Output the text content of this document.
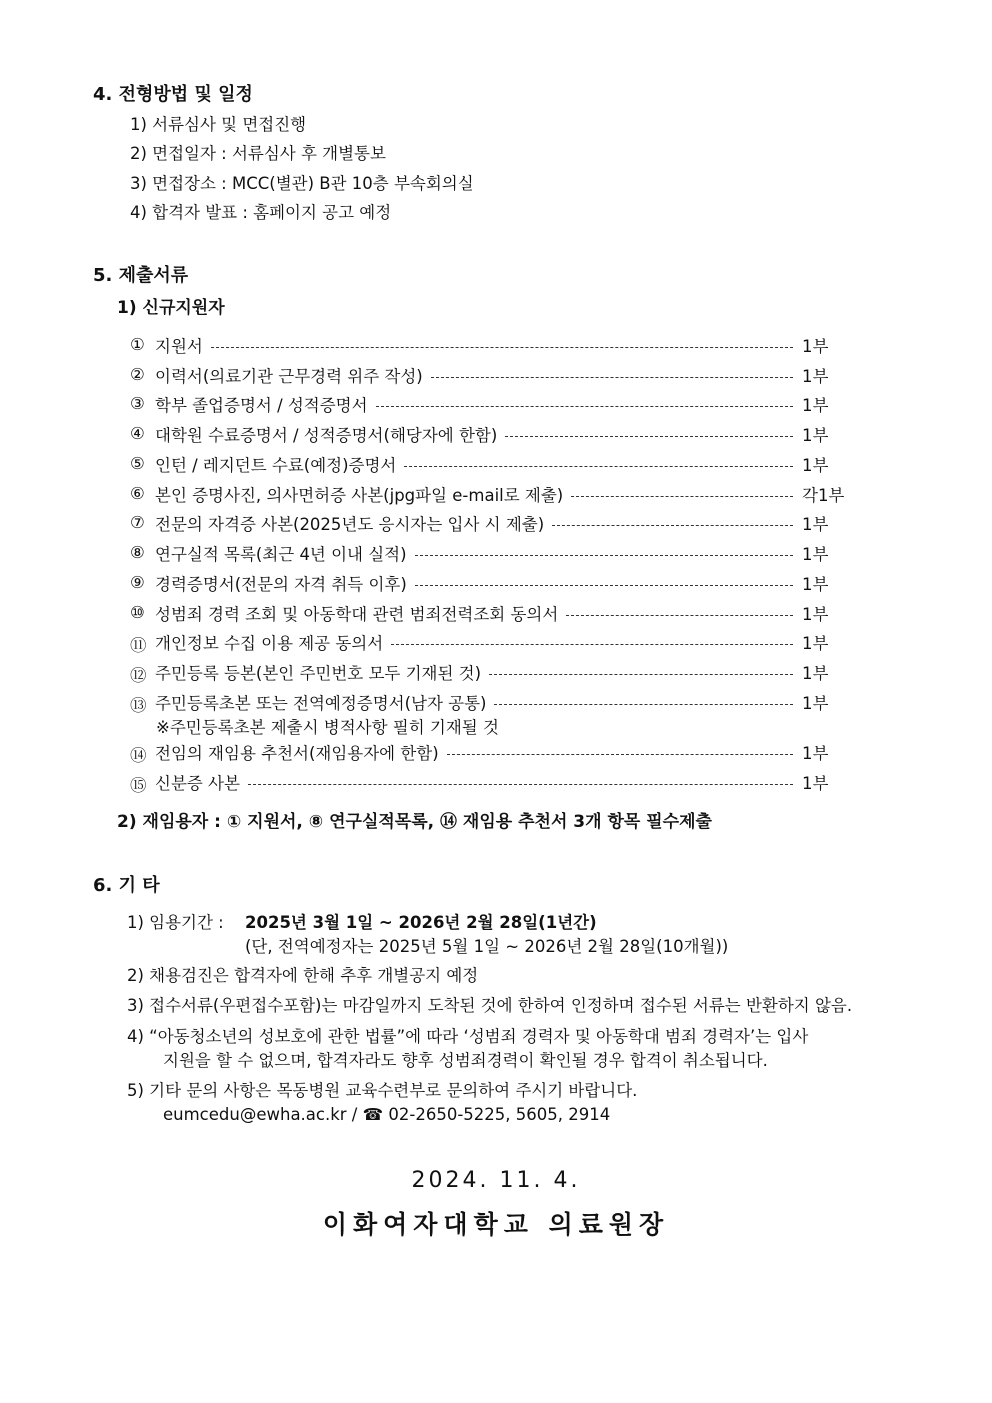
4. 전형방법 및 일정
1) 서류심사 및 면접진행
2) 면접일자 : 서류심사 후 개별통보
3) 면접장소 : MCC(별관) B관 10층 부속회의실
4) 합격자 발표 : 홈페이지 공고 예정
5. 제출서류
1) 신규지원자
① 지원서	1부
② 이력서(의료기관 근무경력 위주 작성)	1부
③ 학부 졸업증명서 / 성적증명서	1부
④ 대학원 수료증명서 / 성적증명서(해당자에 한함)	1부
⑤ 인턴 / 레지던트 수료(예정)증명서	1부
⑥ 본인 증명사진, 의사면허증 사본(jpg파일 e-mail로 제출)	각1부
⑦ 전문의 자격증 사본(2025년도 응시자는 입사 시 제출)	1부
⑧ 연구실적 목록(최근 4년 이내 실적)	1부
⑨ 경력증명서(전문의 자격 취득 이후)	1부
⑩ 성범죄 경력 조회 및 아동학대 관련 범죄전력조회 동의서	1부
⑪ 개인정보 수집 이용 제공 동의서	1부
⑫ 주민등록 등본(본인 주민번호 모두 기재된 것)	1부
⑬ 주민등록초본 또는 전역예정증명서(남자 공통)	1부
※주민등록초본 제출시 병적사항 필히 기재될 것
⑭ 전임의 재임용 추천서(재임용자에 한함)	1부
⑮ 신분증 사본	1부
2) 재임용자 : ① 지원서, ⑧ 연구실적목록, ⑭ 재임용 추천서 3개 항목 필수제출
6. 기 타
1) 임용기간 : 2025년 3월 1일 ~ 2026년 2월 28일(1년간)
(단, 전역예정자는 2025년 5월 1일 ~ 2026년 2월 28일(10개월))
2) 채용검진은 합격자에 한해 추후 개별공지 예정
3) 접수서류(우편접수포함)는 마감일까지 도착된 것에 한하여 인정하며 접수된 서류는 반환하지 않음.
4) “아동청소년의 성보호에 관한 법률”에 따라 ‘성범죄 경력자 및 아동학대 범죄 경력자’는 입사
지원을 할 수 없으며, 합격자라도 향후 성범죄경력이 확인될 경우 합격이 취소됩니다.
5) 기타 문의 사항은 목동병원 교육수련부로 문의하여 주시기 바랍니다.
eumcedu@ewha.ac.kr / ☎ 02-2650-5225, 5605, 2914
2024. 11. 4.
이화여자대학교 의료원장
